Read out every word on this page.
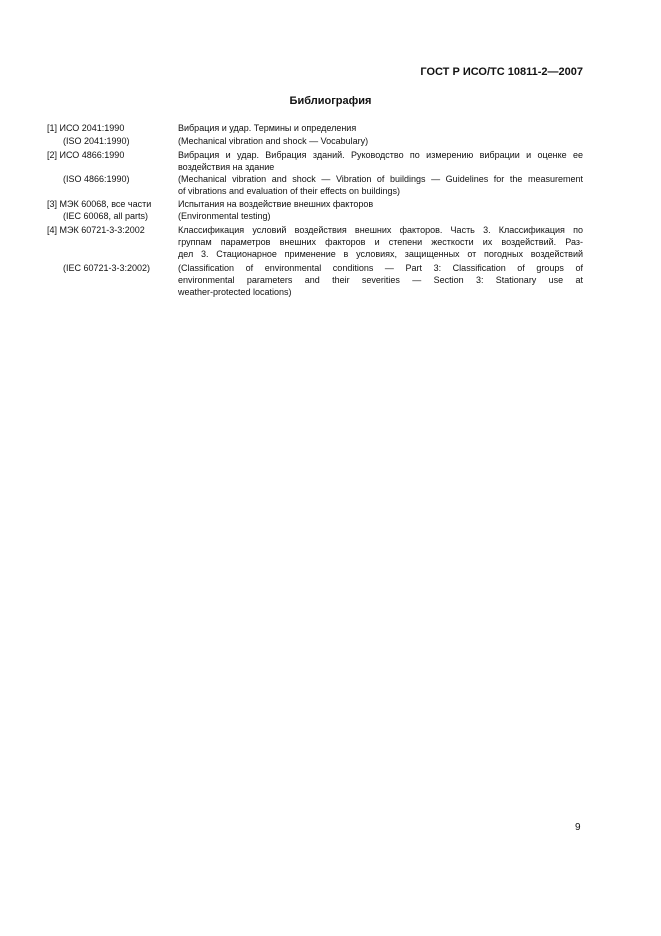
ГОСТ Р ИСО/ТС 10811-2—2007
Библиография
[1] ИСО 2041:1990
(ISO 2041:1990)
Вибрация и удар. Термины и определения
(Mechanical vibration and shock — Vocabulary)
[2] ИСО 4866:1990
(ISO 4866:1990)
Вибрация и удар. Вибрация зданий. Руководство по измерению вибрации и оценке ее
воздействия на здание
(Mechanical vibration and shock — Vibration of buildings — Guidelines for the measurement
of vibrations and evaluation of their effects on buildings)
[3] МЭК 60068, все части
(IEC 60068, all parts)
Испытания на воздействие внешних факторов
(Environmental testing)
[4] МЭК 60721-3-3:2002
(IEC 60721-3-3:2002)
Классификация условий воздействия внешних факторов. Часть 3. Классификация по
группам параметров внешних факторов и степени жесткости их воздействий. Раз-
дел 3. Стационарное применение в условиях, защищенных от погодных воздействий
(Classification of environmental conditions — Part 3: Classification of groups of
environmental parameters and their severities — Section 3: Stationary use at
weather-protected locations)
9
